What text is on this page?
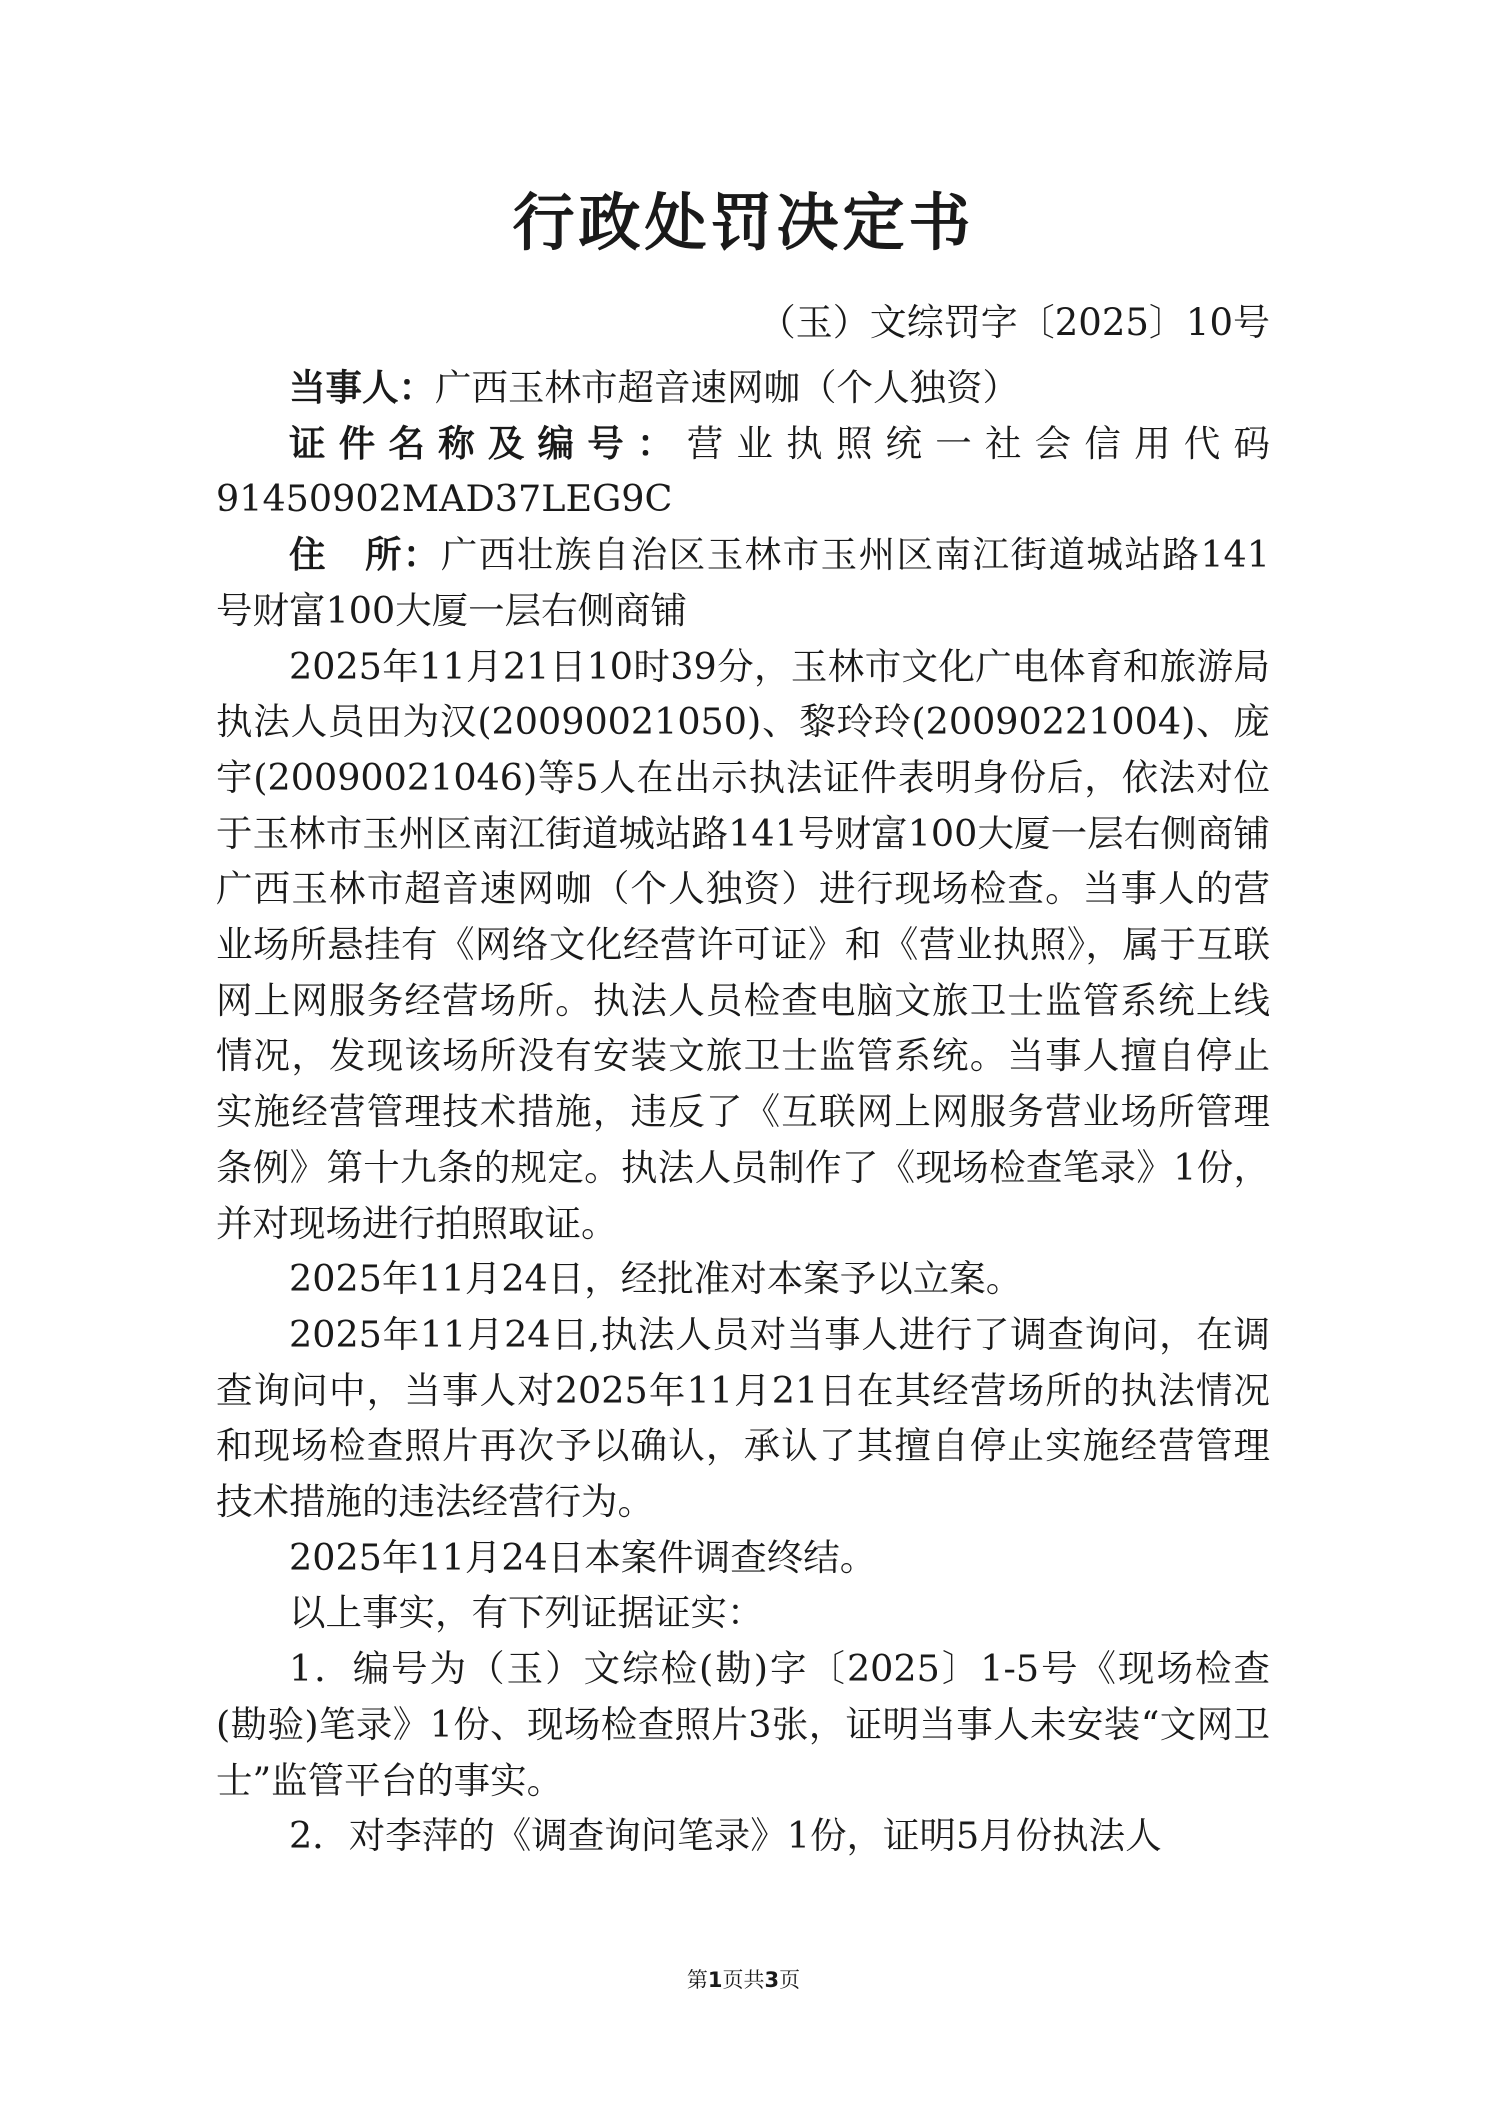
行政处罚决定书
（玉）文综罚字〔2025〕10号

当事人：广西玉林市超音速网咖（个人独资）

证件名称及编号：营业执照统一社会信用代码91450902MAD37LEG9C

住　所：广西壮族自治区玉林市玉州区南江街道城站路141号财富100大厦一层右侧商铺

2025年11月21日10时39分，玉林市文化广电体育和旅游局执法人员田为汉(20090021050)、黎玲玲(20090221004)、庞宇(20090021046)等5人在出示执法证件表明身份后，依法对位于玉林市玉州区南江街道城站路141号财富100大厦一层右侧商铺广西玉林市超音速网咖（个人独资）进行现场检查。当事人的营业场所悬挂有《网络文化经营许可证》和《营业执照》，属于互联网上网服务经营场所。执法人员检查电脑文旅卫士监管系统上线情况，发现该场所没有安装文旅卫士监管系统。当事人擅自停止实施经营管理技术措施，违反了《互联网上网服务营业场所管理条例》第十九条的规定。执法人员制作了《现场检查笔录》1份，并对现场进行拍照取证。

2025年11月24日，经批准对本案予以立案。

2025年11月24日,执法人员对当事人进行了调查询问，在调查询问中，当事人对2025年11月21日在其经营场所的执法情况和现场检查照片再次予以确认，承认了其擅自停止实施经营管理技术措施的违法经营行为。

2025年11月24日本案件调查终结。

以上事实，有下列证据证实：

1．编号为（玉）文综检(勘)字〔2025〕1-5号《现场检查(勘验)笔录》1份、现场检查照片3张，证明当事人未安装“文网卫士”监管平台的事实。

2．对李萍的《调查询问笔录》1份，证明5月份执法人

第1页共3页
